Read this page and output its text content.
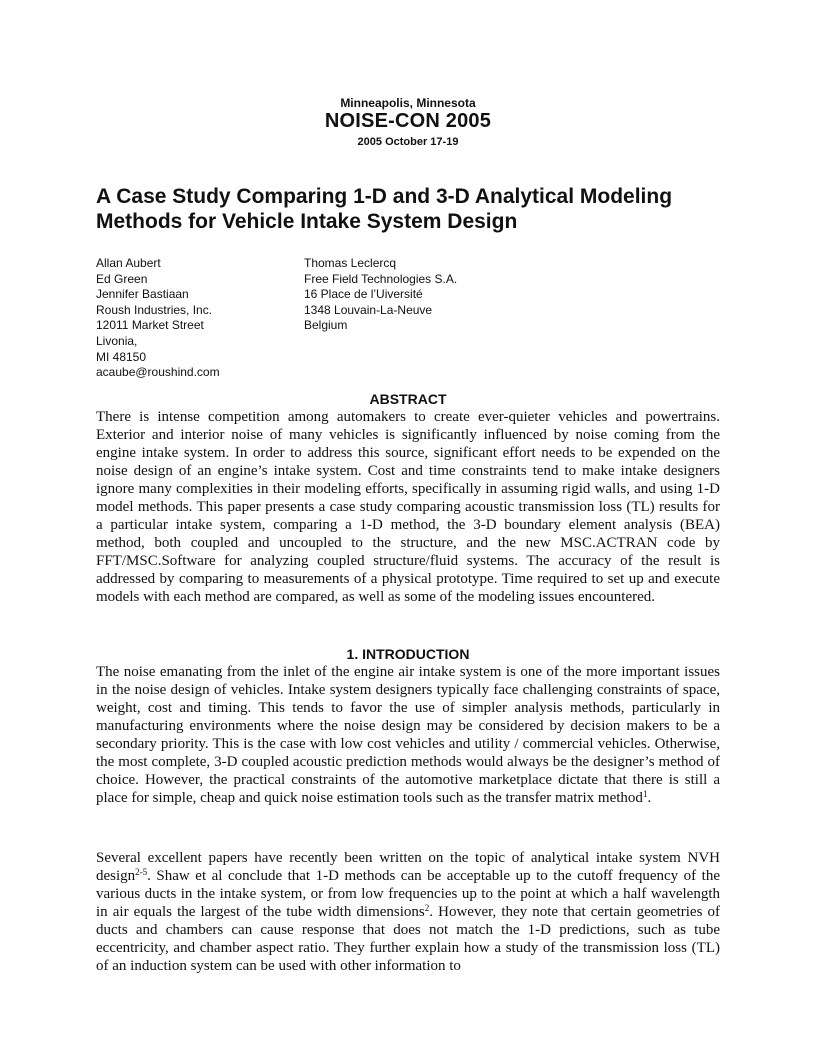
Minneapolis, Minnesota
NOISE-CON 2005
2005 October 17-19
A Case Study Comparing 1-D and 3-D Analytical Modeling
Methods for Vehicle Intake System Design
Allan Aubert
Ed Green
Jennifer Bastiaan
Roush Industries, Inc.
12011 Market Street
Livonia,
MI 48150
acaube@roushind.com
Thomas Leclercq
Free Field Technologies S.A.
16 Place de l’Uiversité
1348 Louvain-La-Neuve
Belgium
ABSTRACT

There is intense competition among automakers to create ever-quieter vehicles and powertrains. Exterior and interior noise of many vehicles is significantly influenced by noise coming from the engine intake system. In order to address this source, significant effort needs to be expended on the noise design of an engine’s intake system. Cost and time constraints tend to make intake designers ignore many complexities in their modeling efforts, specifically in assuming rigid walls, and using 1-D model methods. This paper presents a case study comparing acoustic transmission loss (TL) results for a particular intake system, comparing a 1-D method, the 3-D boundary element analysis (BEA) method, both coupled and uncoupled to the structure, and the new MSC.ACTRAN code by FFT/MSC.Software for analyzing coupled structure/fluid systems. The accuracy of the result is addressed by comparing to measurements of a physical prototype. Time required to set up and execute models with each method are compared, as well as some of the modeling issues encountered.

1. INTRODUCTION

The noise emanating from the inlet of the engine air intake system is one of the more important issues in the noise design of vehicles. Intake system designers typically face challenging constraints of space, weight, cost and timing. This tends to favor the use of simpler analysis methods, particularly in manufacturing environments where the noise design may be considered by decision makers to be a secondary priority. This is the case with low cost vehicles and utility / commercial vehicles. Otherwise, the most complete, 3-D coupled acoustic prediction methods would always be the designer’s method of choice. However, the practical constraints of the automotive marketplace dictate that there is still a place for simple, cheap and quick noise estimation tools such as the transfer matrix method$^1$.

Several excellent papers have recently been written on the topic of analytical intake system NVH design$^{2-5}$. Shaw et al conclude that 1-D methods can be acceptable up to the cutoff frequency of the various ducts in the intake system, or from low frequencies up to the point at which a half wavelength in air equals the largest of the tube width dimensions$^2$. However, they note that certain geometries of ducts and chambers can cause response that does not match the 1-D predictions, such as tube eccentricity, and chamber aspect ratio. They further explain how a study of the transmission loss (TL) of an induction system can be used with other information to
